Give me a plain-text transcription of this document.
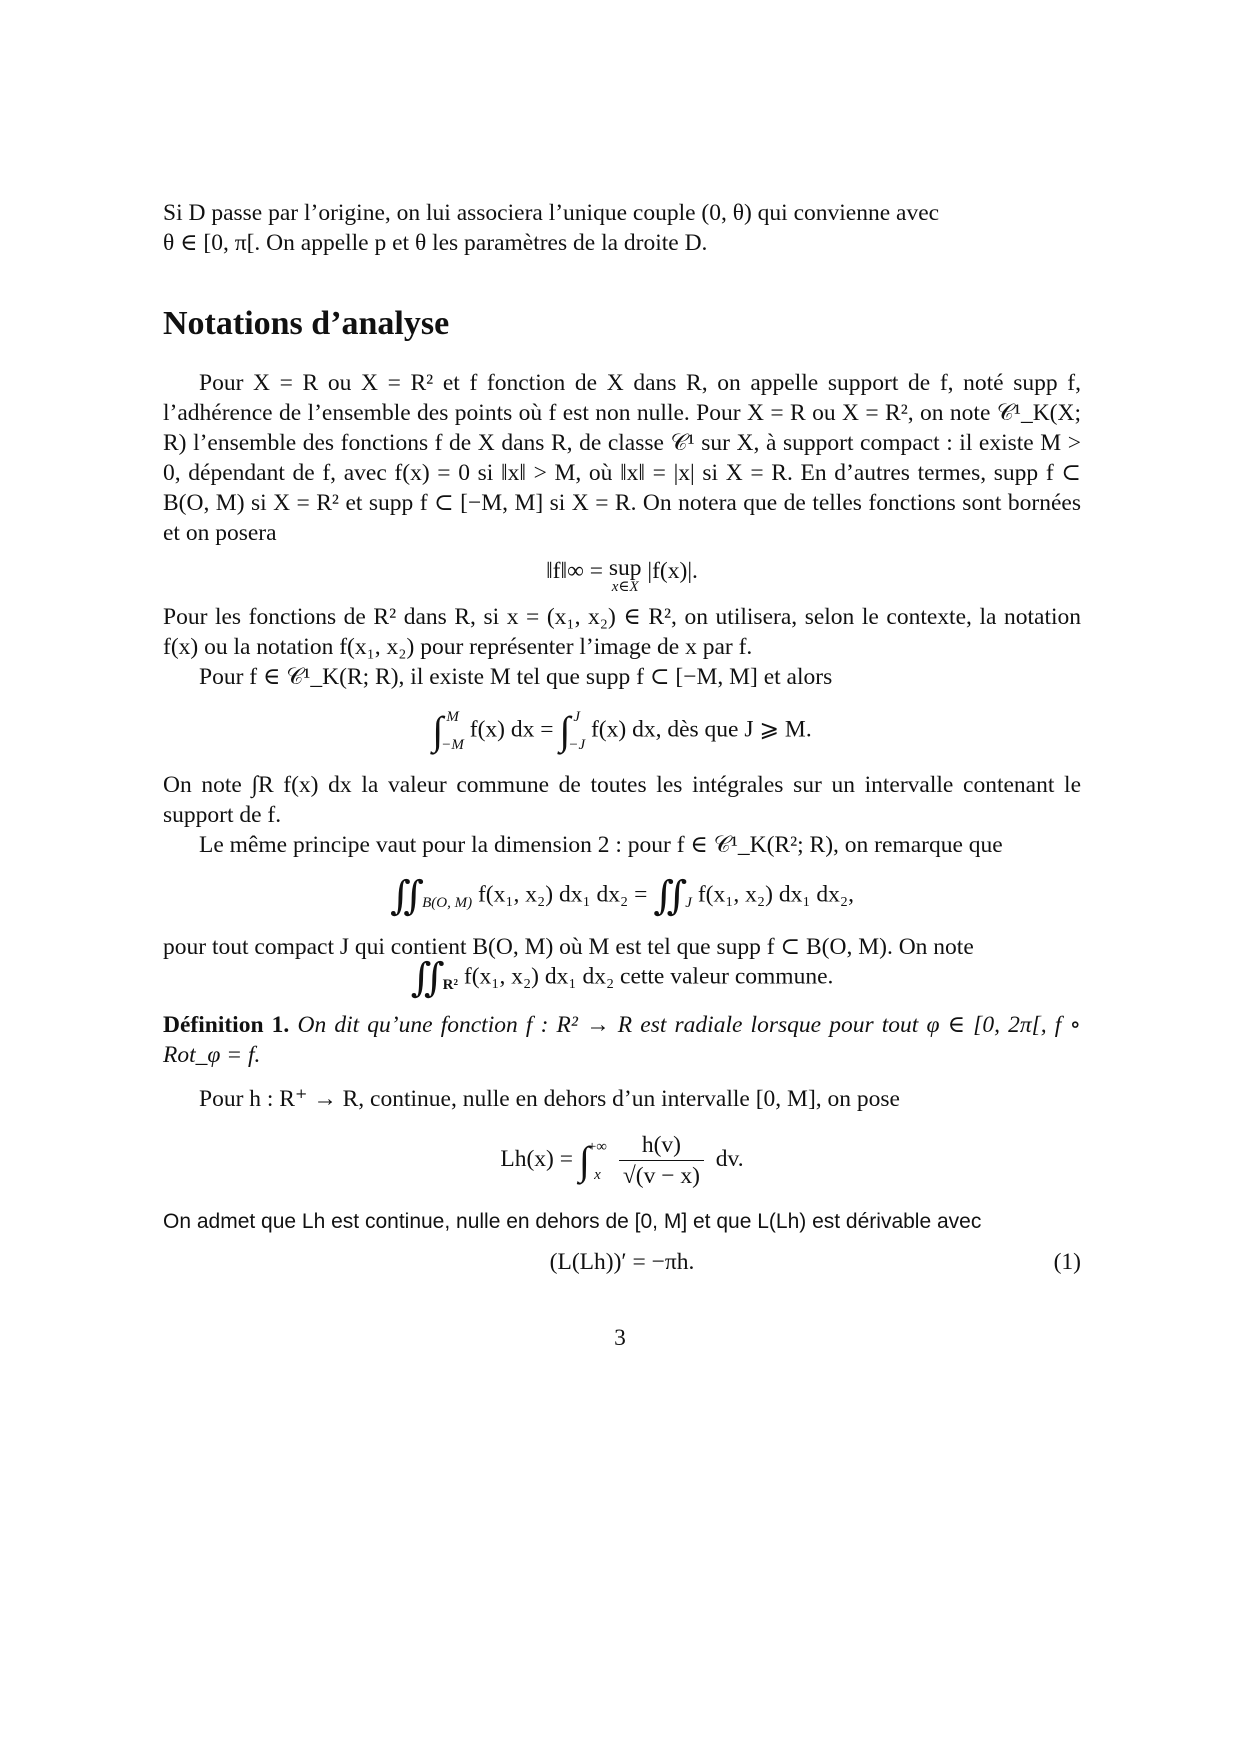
Si D passe par l’origine, on lui associera l’unique couple (0, θ) qui convienne avec
θ ∈ [0, π[. On appelle p et θ les paramètres de la droite D.

Notations d’analyse

Pour X = R ou X = R² et f fonction de X dans R, on appelle support de f, noté supp f, l’adhérence de l’ensemble des points où f est non nulle. Pour X = R ou X = R², on note 𝒞¹_K(X; R) l’ensemble des fonctions f de X dans R, de classe 𝒞¹ sur X, à support compact : il existe M > 0, dépendant de f, avec f(x) = 0 si ‖x‖ > M, où ‖x‖ = |x| si X = R. En d’autres termes, supp f ⊂ B(O, M) si X = R² et supp f ⊂ [−M, M] si X = R. On notera que de telles fonctions sont bornées et on posera

‖f‖∞ = sup
x∈X
|f(x)|.

Pour les fonctions de R² dans R, si x = (x₁, x₂) ∈ R², on utilisera, selon le contexte, la notation f(x) ou la notation f(x₁, x₂) pour représenter l’image de x par f.

Pour f ∈ 𝒞¹_K(R; R), il existe M tel que supp f ⊂ [−M, M] et alors

∫ M
−M
f(x) dx = ∫ J
−J
f(x) dx, dès que J ⩾ M.

On note ∫R f(x) dx la valeur commune de toutes les intégrales sur un intervalle contenant le support de f.

Le même principe vaut pour la dimension 2 : pour f ∈ 𝒞¹_K(R²; R), on remarque que

∬
B(O, M) f(x₁, x₂) dx₁ dx₂ = ∬
J f(x₁, x₂) dx₁ dx₂,

pour tout compact J qui contient B(O, M) où M est tel que supp f ⊂ B(O, M). On note

∬
R² f(x₁, x₂) dx₁ dx₂ cette valeur commune.

Définition 1. On dit qu’une fonction f : R² → R est radiale lorsque pour tout φ ∈ [0, 2π[, f ∘ Rot_φ = f.

Pour h : R⁺ → R, continue, nulle en dehors d’un intervalle [0, M], on pose

Lh(x) = ∫
+∞
x
$\frac{h(v)}{√(v - x)}$ dv.

On admet que Lh est continue, nulle en dehors de [0, M] et que L(Lh) est dérivable avec

(L(Lh))′ = −πh.	(1)
3
